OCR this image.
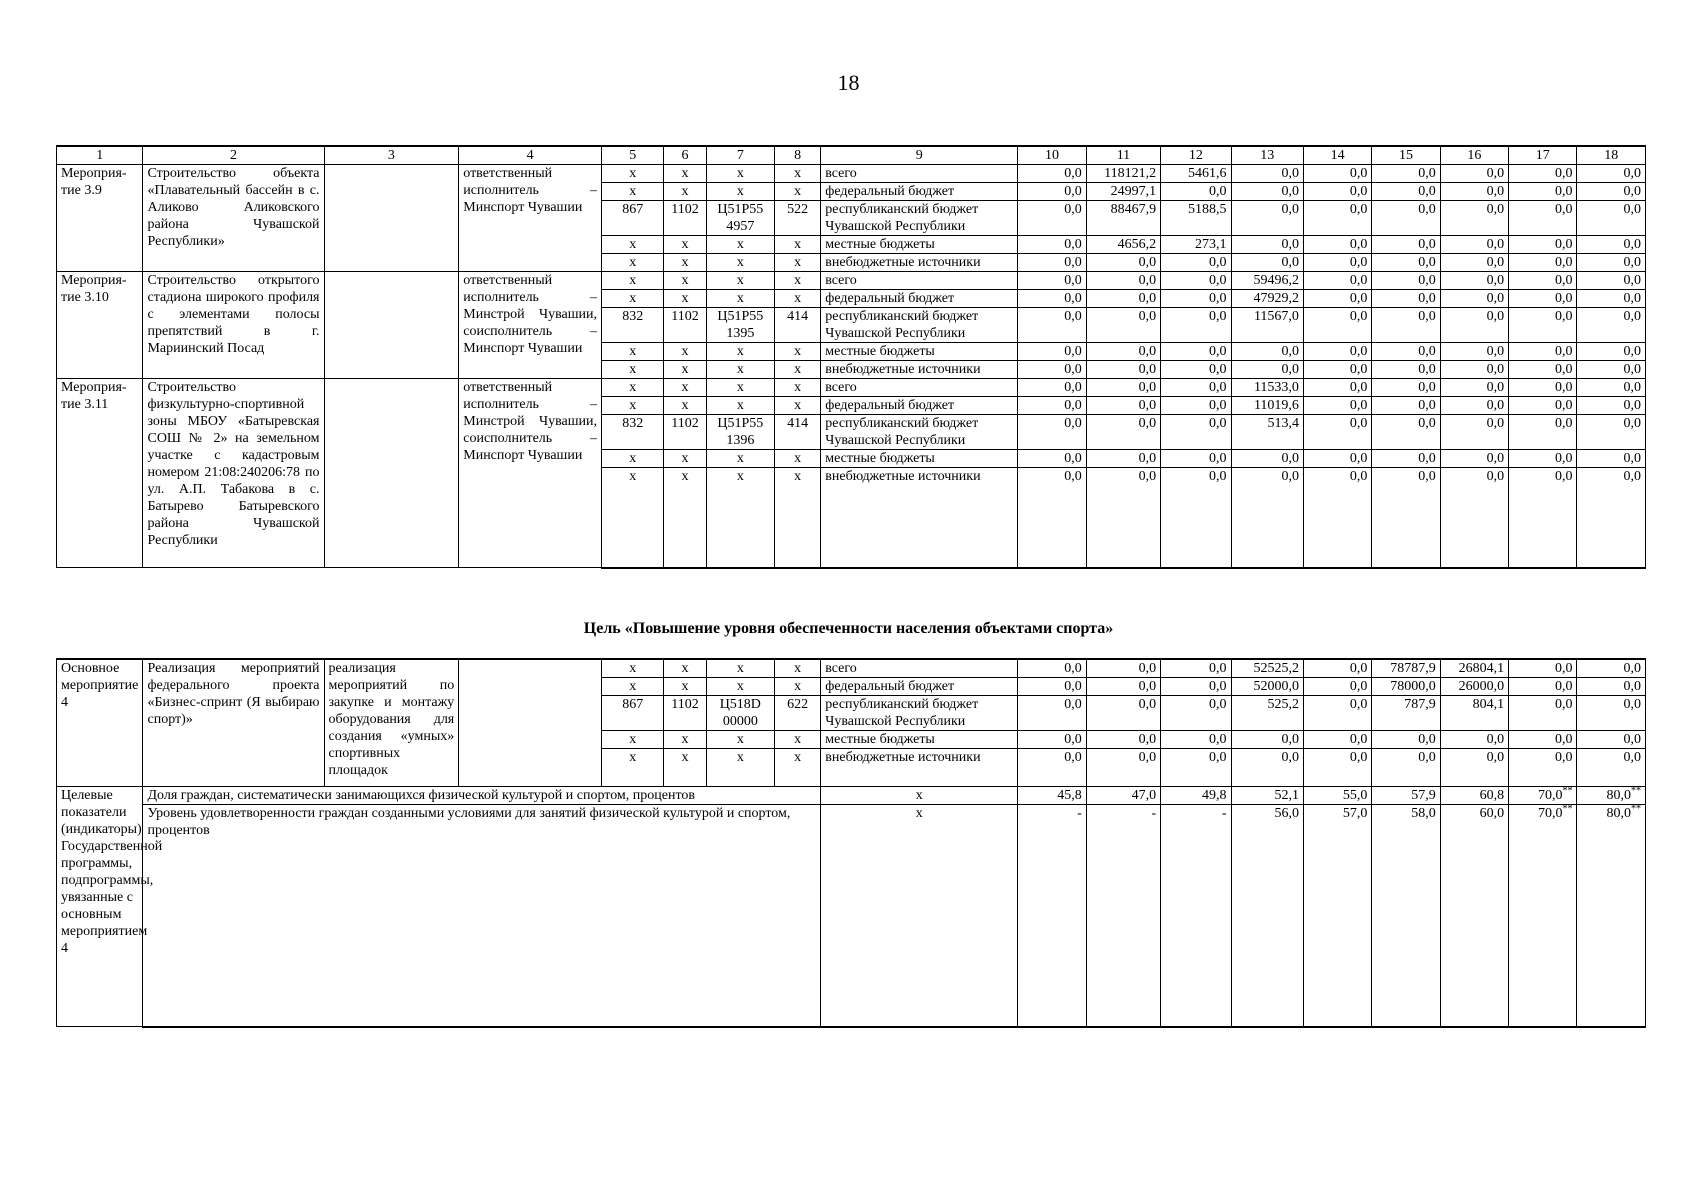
18
1	2	3	4	5	6	7	8	9	10	11	12	13	14	15	16	17	18
Мероприя-тие 3.9	Строительство объекта «Плавательный бассейн в с. Аликово Аликовского района Чувашской Республики»		ответственный исполнитель – Минспорт Чувашии	x	x	x	x	всего	0,0	118121,2	5461,6	0,0	0,0	0,0	0,0	0,0	0,0
				x	x	x	x	федеральный бюджет	0,0	24997,1	0,0	0,0	0,0	0,0	0,0	0,0	0,0
				867	1102	Ц51Р55 4957	522	республиканский бюджет Чувашской Республики	0,0	88467,9	5188,5	0,0	0,0	0,0	0,0	0,0	0,0
				x	x	x	x	местные бюджеты	0,0	4656,2	273,1	0,0	0,0	0,0	0,0	0,0	0,0
				x	x	x	x	внебюджетные источники	0,0	0,0	0,0	0,0	0,0	0,0	0,0	0,0	0,0
Мероприя-тие 3.10	Строительство открытого стадиона широкого профиля с элементами полосы препятствий в г. Мариинский Посад		ответственный исполнитель – Минстрой Чувашии, соисполнитель – Минспорт Чувашии	x	x	x	x	всего	0,0	0,0	0,0	59496,2	0,0	0,0	0,0	0,0	0,0
				x	x	x	x	федеральный бюджет	0,0	0,0	0,0	47929,2	0,0	0,0	0,0	0,0	0,0
				832	1102	Ц51Р55 1395	414	республиканский бюджет Чувашской Республики	0,0	0,0	0,0	11567,0	0,0	0,0	0,0	0,0	0,0
				x	x	x	x	местные бюджеты	0,0	0,0	0,0	0,0	0,0	0,0	0,0	0,0	0,0
				x	x	x	x	внебюджетные источники	0,0	0,0	0,0	0,0	0,0	0,0	0,0	0,0	0,0
Мероприя-тие 3.11	Строительство физкультурно-спортивной зоны МБОУ «Батыревская СОШ № 2» на земельном участке с кадастровым номером 21:08:240206:78 по ул. А.П. Табакова в с. Батырево Батыревского района Чувашской Республики		ответственный исполнитель – Минстрой Чувашии, соисполнитель – Минспорт Чувашии	x	x	x	x	всего	0,0	0,0	0,0	11533,0	0,0	0,0	0,0	0,0	0,0
				x	x	x	x	федеральный бюджет	0,0	0,0	0,0	11019,6	0,0	0,0	0,0	0,0	0,0
				832	1102	Ц51Р55 1396	414	республиканский бюджет Чувашской Республики	0,0	0,0	0,0	513,4	0,0	0,0	0,0	0,0	0,0
				x	x	x	x	местные бюджеты	0,0	0,0	0,0	0,0	0,0	0,0	0,0	0,0	0,0
				x	x	x	x	внебюджетные источники	0,0	0,0	0,0	0,0	0,0	0,0	0,0	0,0	0,0
Цель «Повышение уровня обеспеченности населения объектами спорта»
Основное мероприятие 4	Реализация мероприятий федерального проекта «Бизнес-спринт (Я выбираю спорт)»	реализация мероприятий по закупке и монтажу оборудования для создания «умных» спортивных площадок		x	x	x	x	всего	0,0	0,0	0,0	52525,2	0,0	78787,9	26804,1	0,0	0,0
				x	x	x	x	федеральный бюджет	0,0	0,0	0,0	52000,0	0,0	78000,0	26000,0	0,0	0,0
				867	1102	Ц518D 00000	622	республиканский бюджет Чувашской Республики	0,0	0,0	0,0	525,2	0,0	787,9	804,1	0,0	0,0
				x	x	x	x	местные бюджеты	0,0	0,0	0,0	0,0	0,0	0,0	0,0	0,0	0,0
				x	x	x	x	внебюджетные источники	0,0	0,0	0,0	0,0	0,0	0,0	0,0	0,0	0,0
Целевые показатели (индикаторы) Государственной программы, подпрограммы, увязанные с основным мероприятием 4	Доля граждан, систематически занимающихся физической культурой и спортом, процентов							x	45,8	47,0	49,8	52,1	55,0	57,9	60,8	70,0**	80,0**
	Уровень удовлетворенности граждан созданными условиями для занятий физической культурой и спортом, процентов							x	-	-	-	56,0	57,0	58,0	60,0	70,0**	80,0**
